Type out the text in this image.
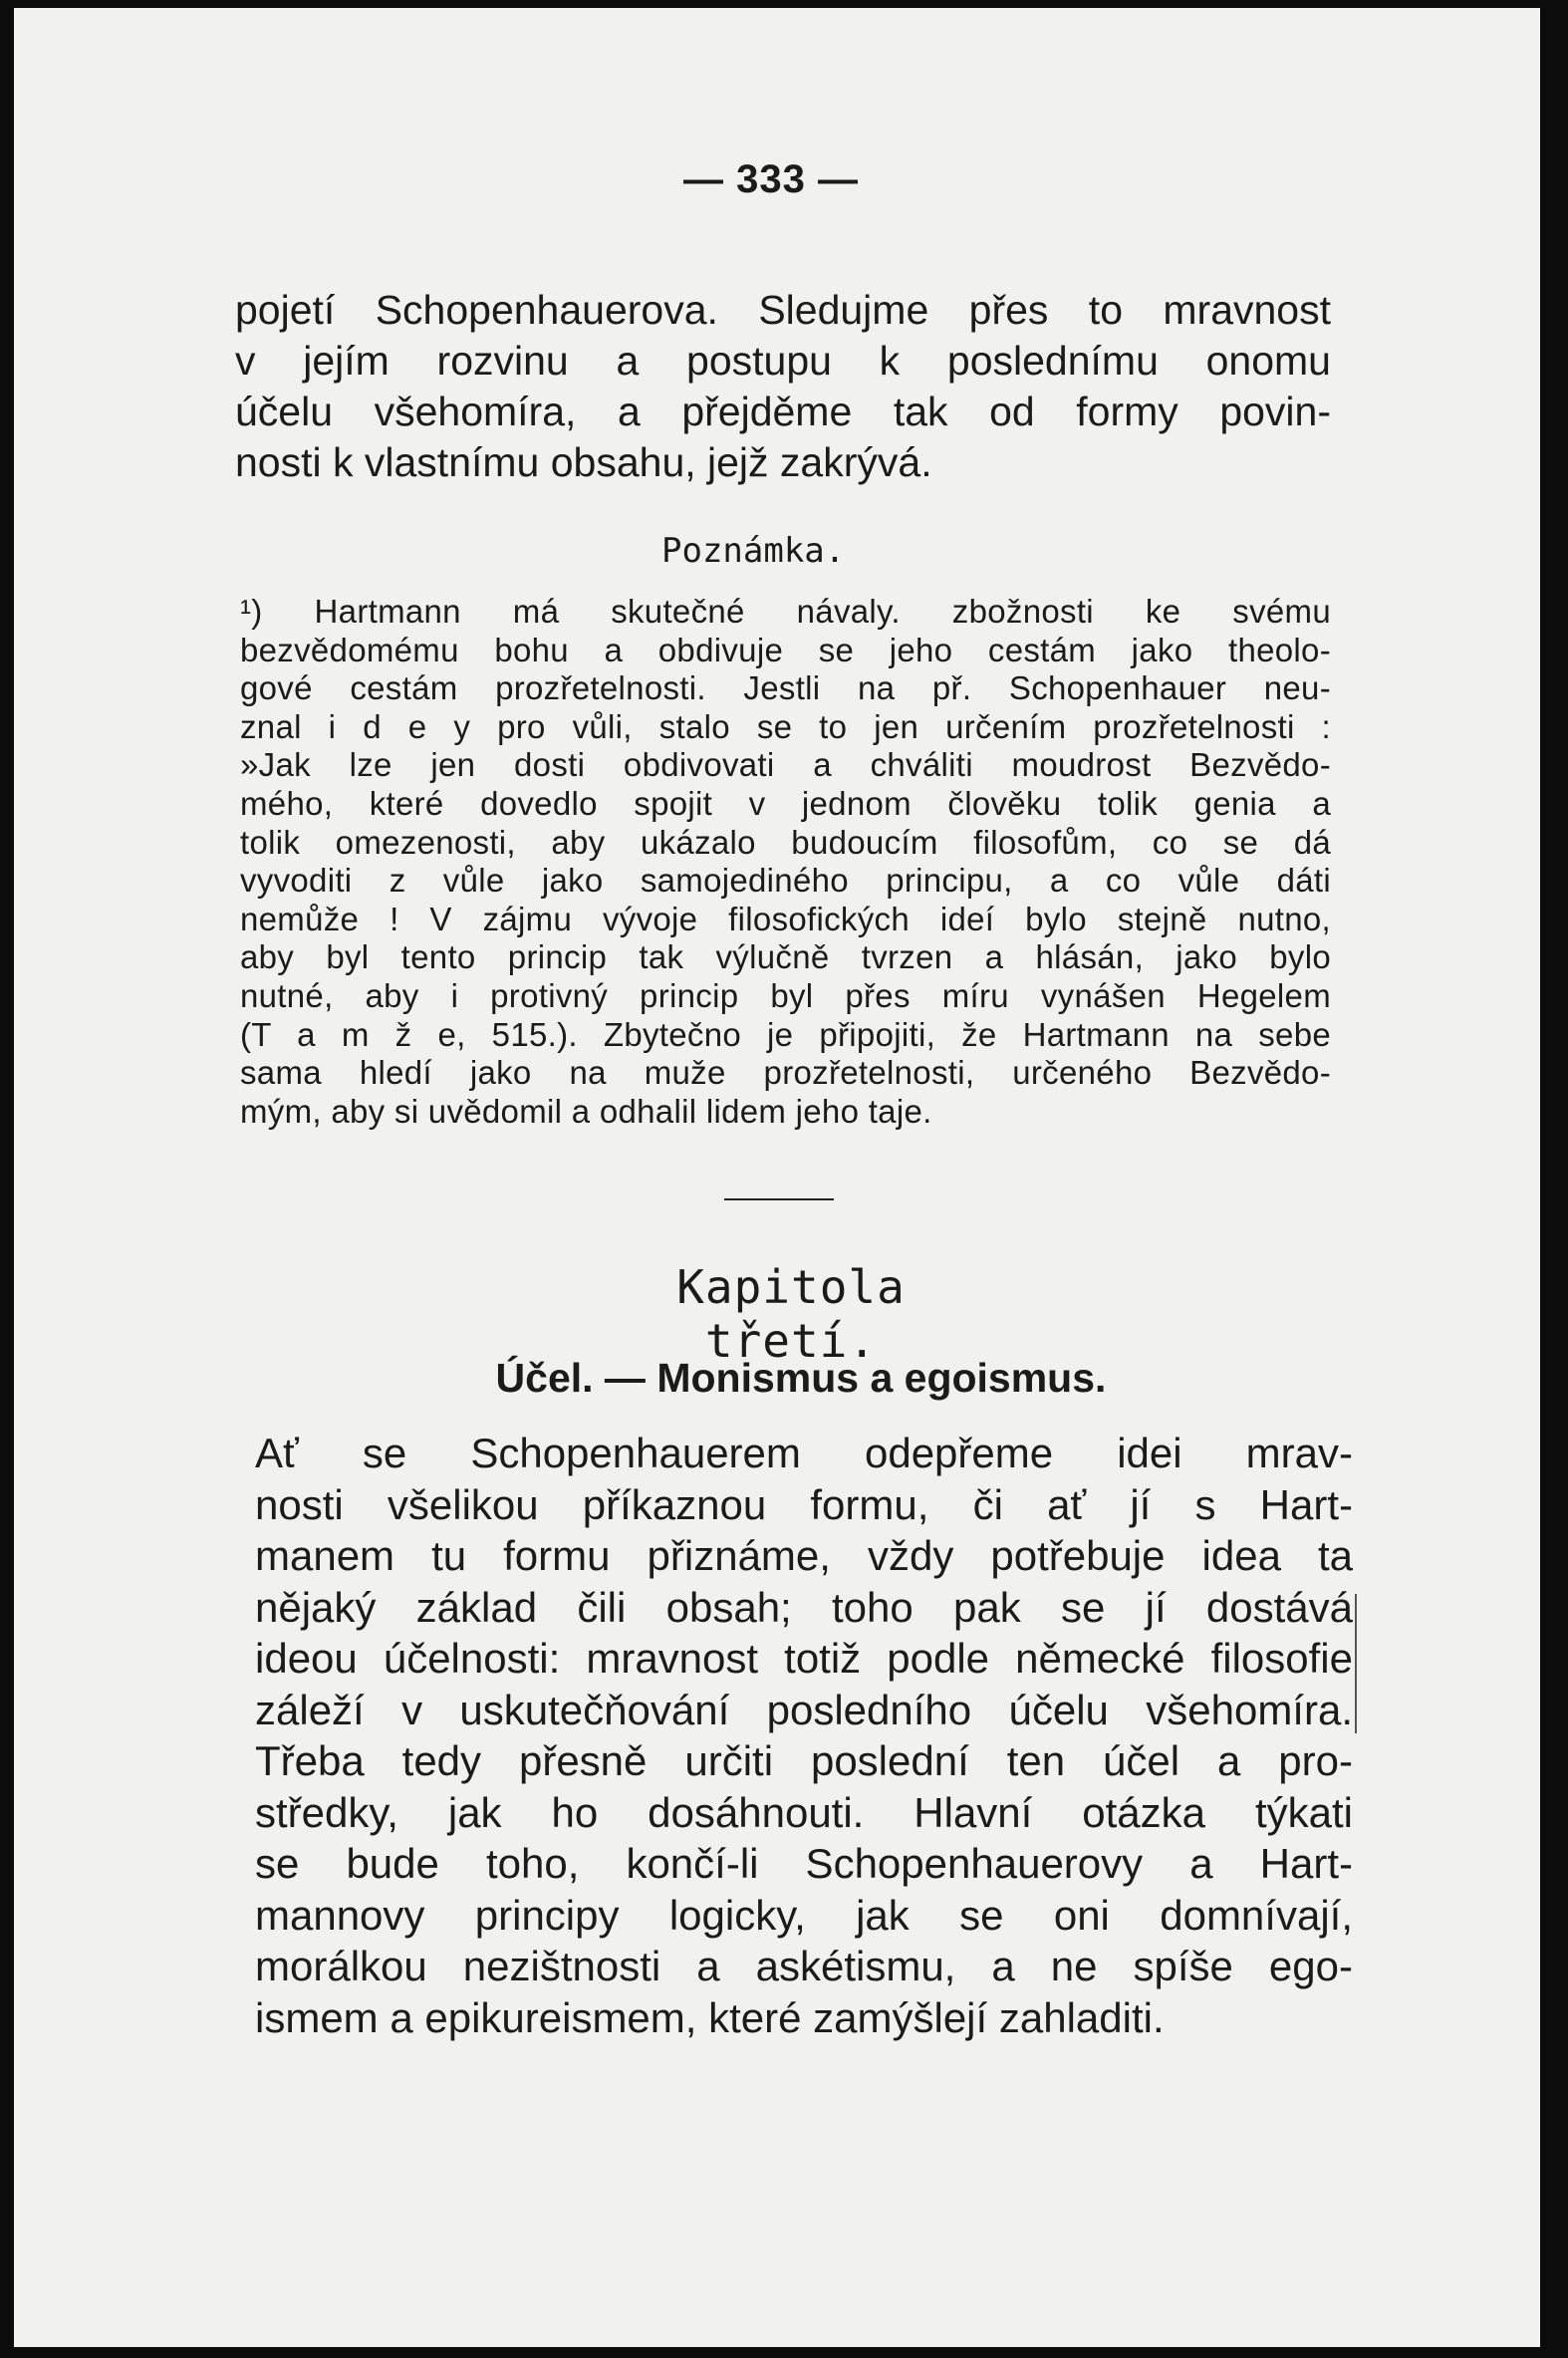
— 333 —
pojetí Schopenhauerova. Sledujme přes to mravnost
v jejím rozvinu a postupu k poslednímu onomu
účelu všehomíra, a přejděme tak od formy povin-
nosti k vlastnímu obsahu, jejž zakrývá.
Poznámka.
¹) Hartmann má skutečné návaly. zbožnosti ke svému
bezvědomému bohu a obdivuje se jeho cestám jako theolo-
gové cestám prozřetelnosti. Jestli na př. Schopenhauer neu-
znal i d e y pro vůli, stalo se to jen určením prozřetelnosti :
»Jak lze jen dosti obdivovati a chváliti moudrost Bezvědo-
mého, které dovedlo spojit v jednom člověku tolik genia a
tolik omezenosti, aby ukázalo budoucím filosofům, co se dá
vyvoditi z vůle jako samojediného principu, a co vůle dáti
nemůže ! V zájmu vývoje filosofických ideí bylo stejně nutno,
aby byl tento princip tak výlučně tvrzen a hlásán, jako bylo
nutné, aby i protivný princip byl přes míru vynášen Hegelem
(T a m ž e, 515.). Zbytečno je připojiti, že Hartmann na sebe
sama hledí jako na muže prozřetelnosti, určeného Bezvědo-
mým, aby si uvědomil a odhalil lidem jeho taje.
Kapitola třetí.
Účel. — Monismus a egoismus.
Ať se Schopenhauerem odepřeme idei mrav-
nosti všelikou příkaznou formu, či ať jí s Hart-
manem tu formu přiznáme, vždy potřebuje idea ta
nějaký základ čili obsah; toho pak se jí dostává
ideou účelnosti: mravnost totiž podle německé filosofie
záleží v uskutečňování posledního účelu všehomíra.
Třeba tedy přesně určiti poslední ten účel a pro-
středky, jak ho dosáhnouti. Hlavní otázka týkati
se bude toho, končí-li Schopenhauerovy a Hart-
mannovy principy logicky, jak se oni domnívají,
morálkou nezištnosti a askétismu, a ne spíše ego-
ismem a epikureismem, které zamýšlejí zahladiti.
